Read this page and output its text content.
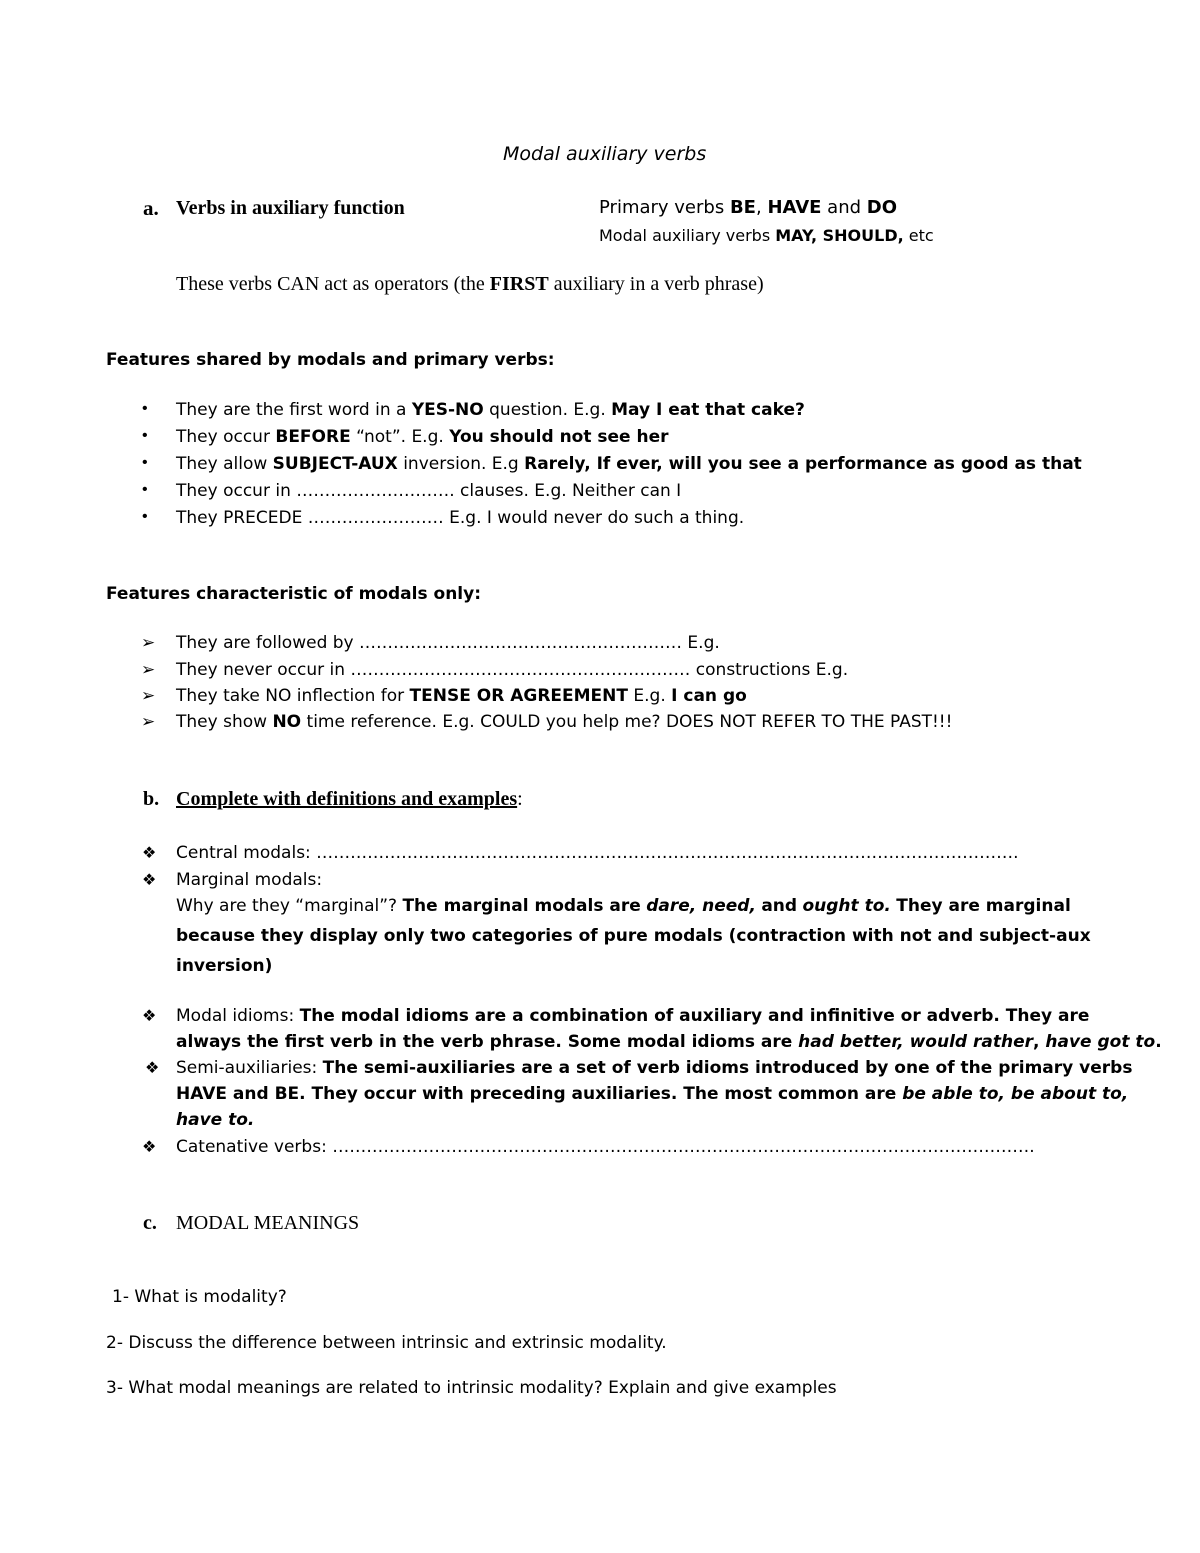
Modal auxiliary verbs
a. Verbs in auxiliary function	Primary verbs BE, HAVE and DO
Modal auxiliary verbs MAY, SHOULD, etc
These verbs CAN act as operators (the FIRST auxiliary in a verb phrase)
Features shared by modals and primary verbs:
• They are the first word in a YES-NO question. E.g. May I eat that cake?
• They occur BEFORE “not”. E.g. You should not see her
• They allow SUBJECT-AUX inversion. E.g Rarely, If ever, will you see a performance as good as that
• They occur in ………………………. clauses. E.g. Neither can I
• They PRECEDE …………………… E.g. I would never do such a thing.
Features characteristic of modals only:
➢ They are followed by ………………………………………………… E.g.
➢ They never occur in …………………………………………………… constructions E.g.
➢ They take NO inflection for TENSE OR AGREEMENT E.g. I can go
➢ They show NO time reference. E.g. COULD you help me? DOES NOT REFER TO THE PAST!!!
b. Complete with definitions and examples:
❖ Central modals: …………………………………………………………………………………………………………….
❖ Marginal modals:
Why are they “marginal”? The marginal modals are dare, need, and ought to. They are marginal
because they display only two categories of pure modals (contraction with not and subject-aux
inversion)
❖ Modal idioms: The modal idioms are a combination of auxiliary and infinitive or adverb. They are
always the first verb in the verb phrase. Some modal idioms are had better, would rather, have got to.
❖ Semi-auxiliaries: The semi-auxiliaries are a set of verb idioms introduced by one of the primary verbs
HAVE and BE. They occur with preceding auxiliaries. The most common are be able to, be about to,
have to.
❖ Catenative verbs: …………………………………………………………………………………………………………….
c. MODAL MEANINGS
1- What is modality?
2- Discuss the difference between intrinsic and extrinsic modality.
3- What modal meanings are related to intrinsic modality? Explain and give examples
